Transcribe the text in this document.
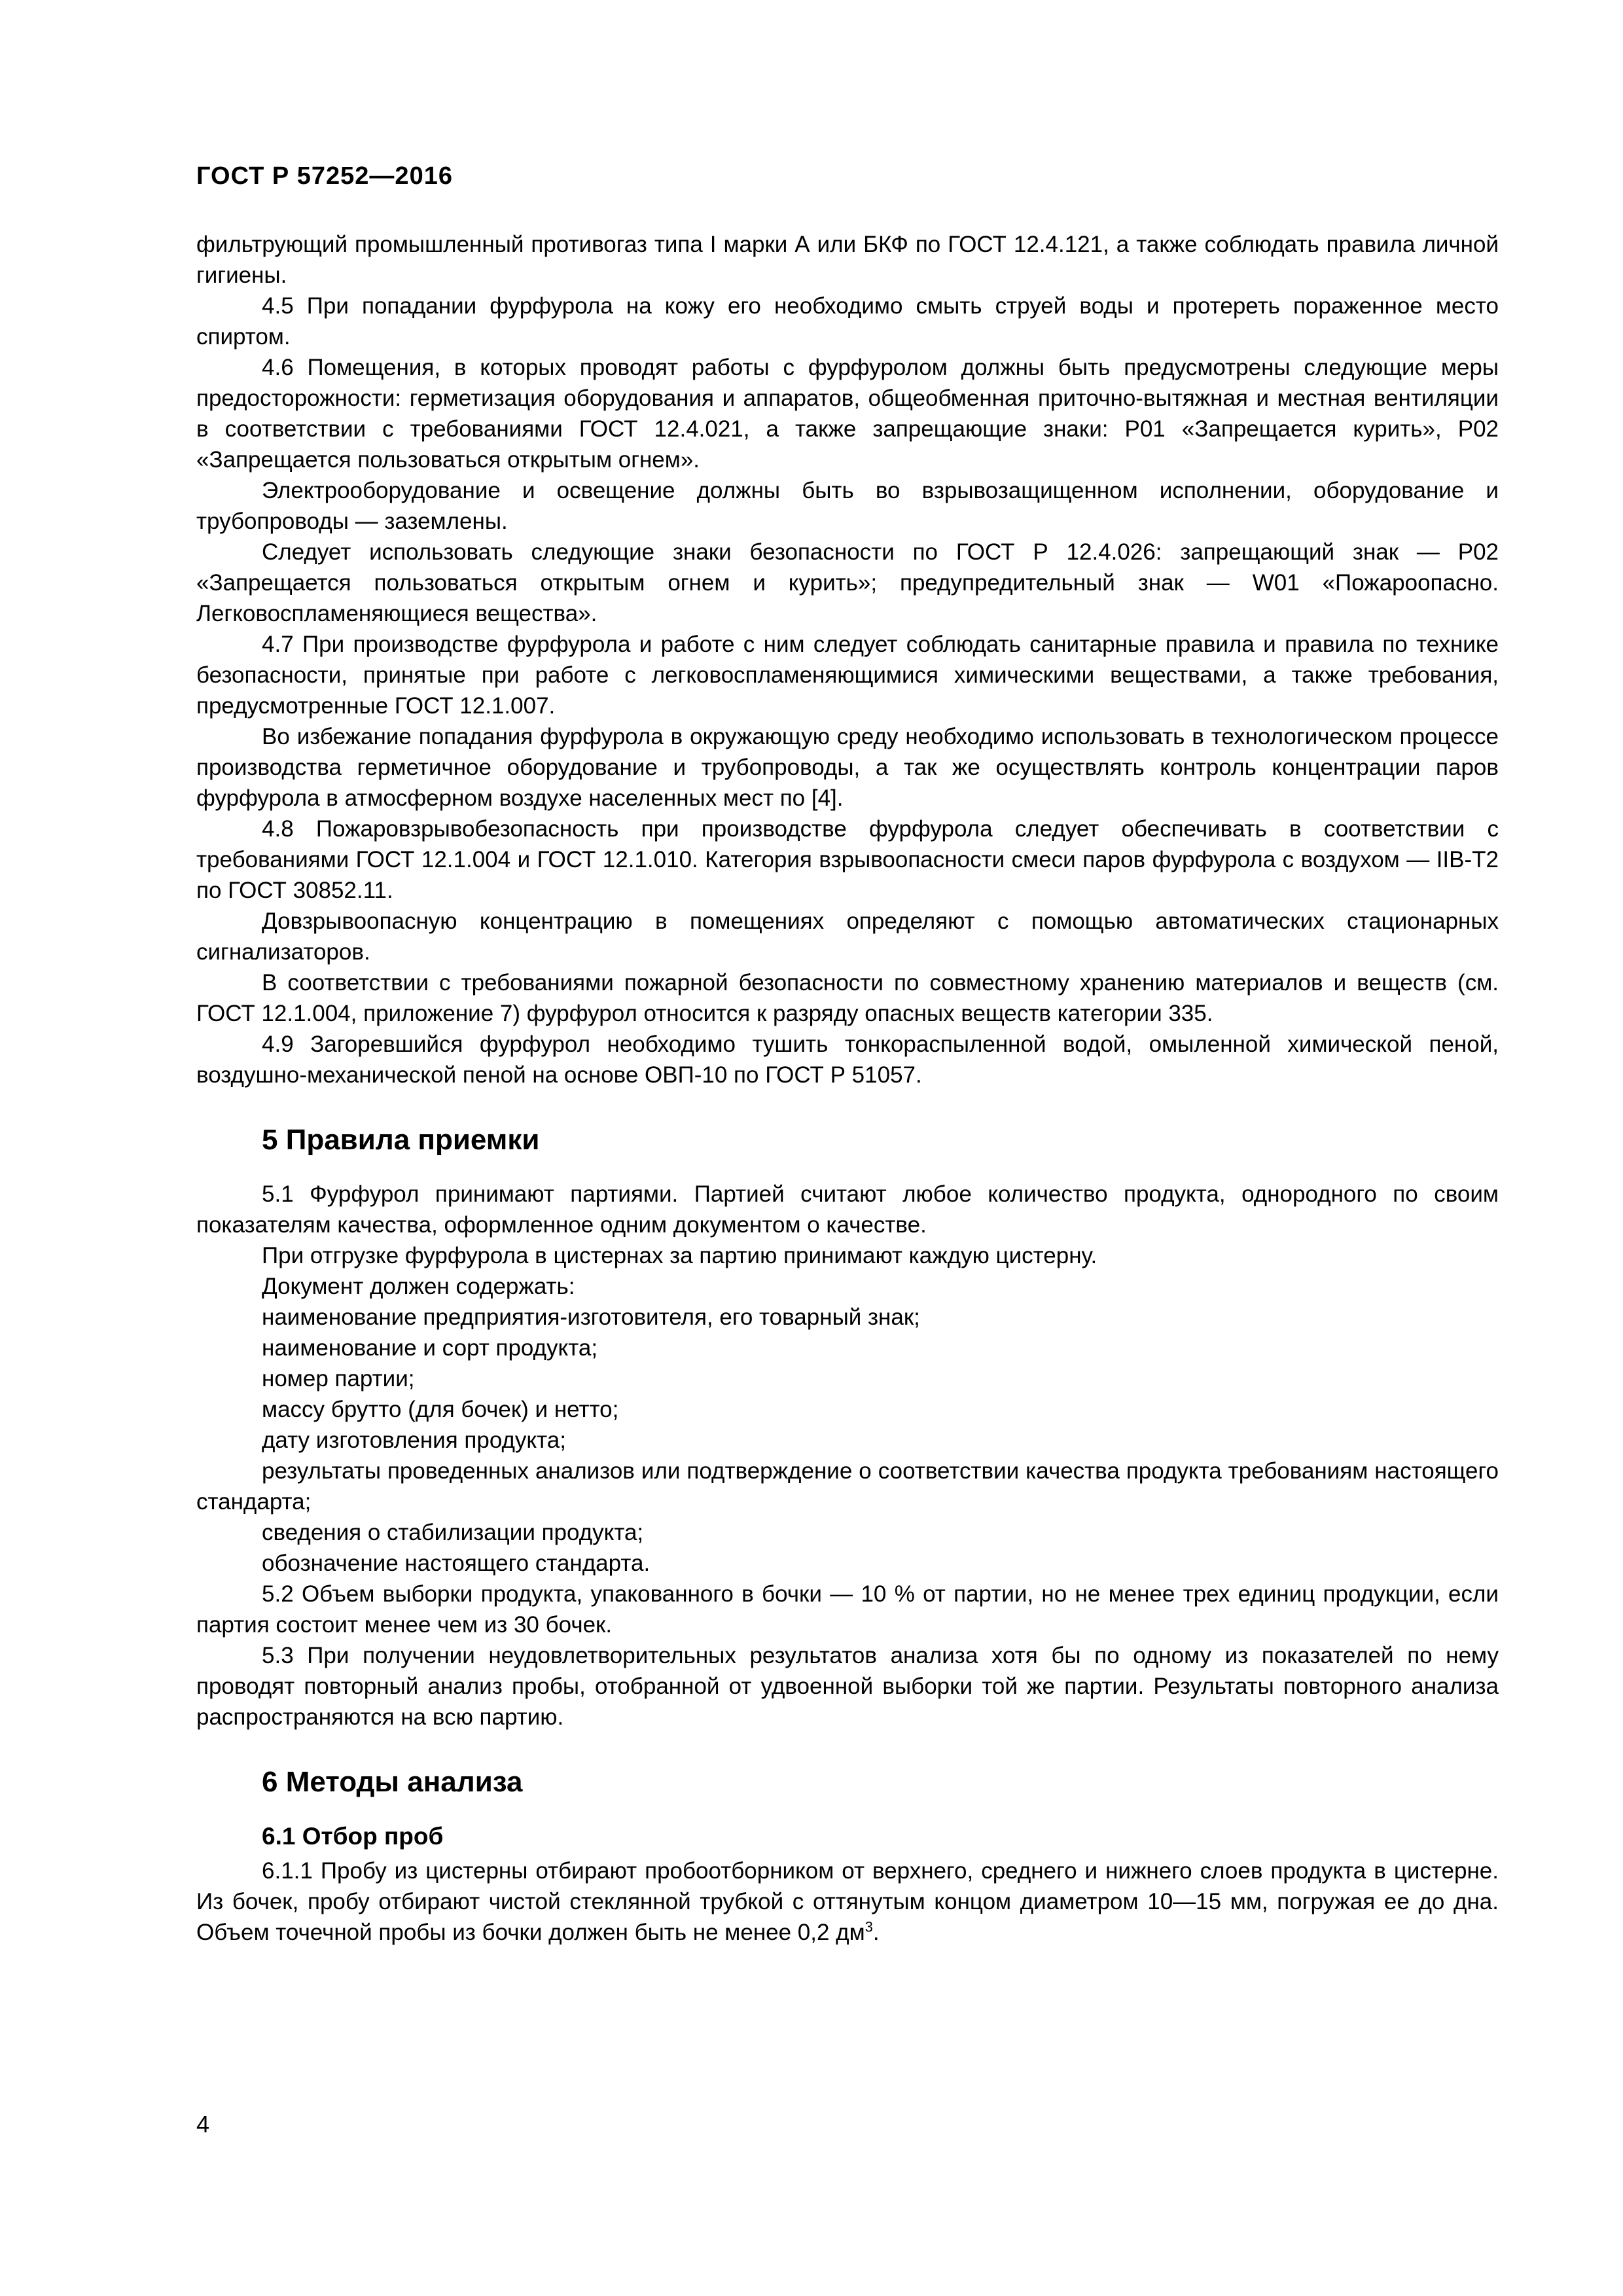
ГОСТ Р 57252—2016

фильтрующий промышленный противогаз типа I марки А или БКФ по ГОСТ 12.4.121, а также соблюдать правила личной гигиены.

4.5 При попадании фурфурола на кожу его необходимо смыть струей воды и протереть пораженное место спиртом.

4.6 Помещения, в которых проводят работы с фурфуролом должны быть предусмотрены следующие меры предосторожности: герметизация оборудования и аппаратов, общеобменная приточно-вытяжная и местная вентиляции в соответствии с требованиями ГОСТ 12.4.021, а также запрещающие знаки: Р01 «Запрещается курить», Р02 «Запрещается пользоваться открытым огнем».

Электрооборудование и освещение должны быть во взрывозащищенном исполнении, оборудование и трубопроводы — заземлены.

Следует использовать следующие знаки безопасности по ГОСТ Р 12.4.026: запрещающий знак — Р02 «Запрещается пользоваться открытым огнем и курить»; предупредительный знак — W01 «Пожароопасно. Легковоспламеняющиеся вещества».

4.7 При производстве фурфурола и работе с ним следует соблюдать санитарные правила и правила по технике безопасности, принятые при работе с легковоспламеняющимися химическими веществами, а также требования, предусмотренные ГОСТ 12.1.007.

Во избежание попадания фурфурола в окружающую среду необходимо использовать в технологическом процессе производства герметичное оборудование и трубопроводы, а так же осуществлять контроль концентрации паров фурфурола в атмосферном воздухе населенных мест по [4].

4.8 Пожаровзрывобезопасность при производстве фурфурола следует обеспечивать в соответствии с требованиями ГОСТ 12.1.004 и ГОСТ 12.1.010. Категория взрывоопасности смеси паров фурфурола с воздухом — IIB-T2 по ГОСТ 30852.11.

Довзрывоопасную концентрацию в помещениях определяют с помощью автоматических стационарных сигнализаторов.

В соответствии с требованиями пожарной безопасности по совместному хранению материалов и веществ (см. ГОСТ 12.1.004, приложение 7) фурфурол относится к разряду опасных веществ категории 335.

4.9 Загоревшийся фурфурол необходимо тушить тонкораспыленной водой, омыленной химической пеной, воздушно-механической пеной на основе ОВП-10 по ГОСТ Р 51057.

5 Правила приемки

5.1 Фурфурол принимают партиями. Партией считают любое количество продукта, однородного по своим показателям качества, оформленное одним документом о качестве.

При отгрузке фурфурола в цистернах за партию принимают каждую цистерну.

Документ должен содержать:

наименование предприятия-изготовителя, его товарный знак;

наименование и сорт продукта;

номер партии;

массу брутто (для бочек) и нетто;

дату изготовления продукта;

результаты проведенных анализов или подтверждение о соответствии качества продукта требованиям настоящего стандарта;

сведения о стабилизации продукта;

обозначение настоящего стандарта.

5.2 Объем выборки продукта, упакованного в бочки — 10 % от партии, но не менее трех единиц продукции, если партия состоит менее чем из 30 бочек.

5.3 При получении неудовлетворительных результатов анализа хотя бы по одному из показателей по нему проводят повторный анализ пробы, отобранной от удвоенной выборки той же партии. Результаты повторного анализа распространяются на всю партию.

6 Методы анализа

6.1 Отбор проб

6.1.1 Пробу из цистерны отбирают пробоотборником от верхнего, среднего и нижнего слоев продукта в цистерне. Из бочек, пробу отбирают чистой стеклянной трубкой с оттянутым концом диаметром 10—15 мм, погружая ее до дна. Объем точечной пробы из бочки должен быть не менее 0,2 $дм^3$.

4
